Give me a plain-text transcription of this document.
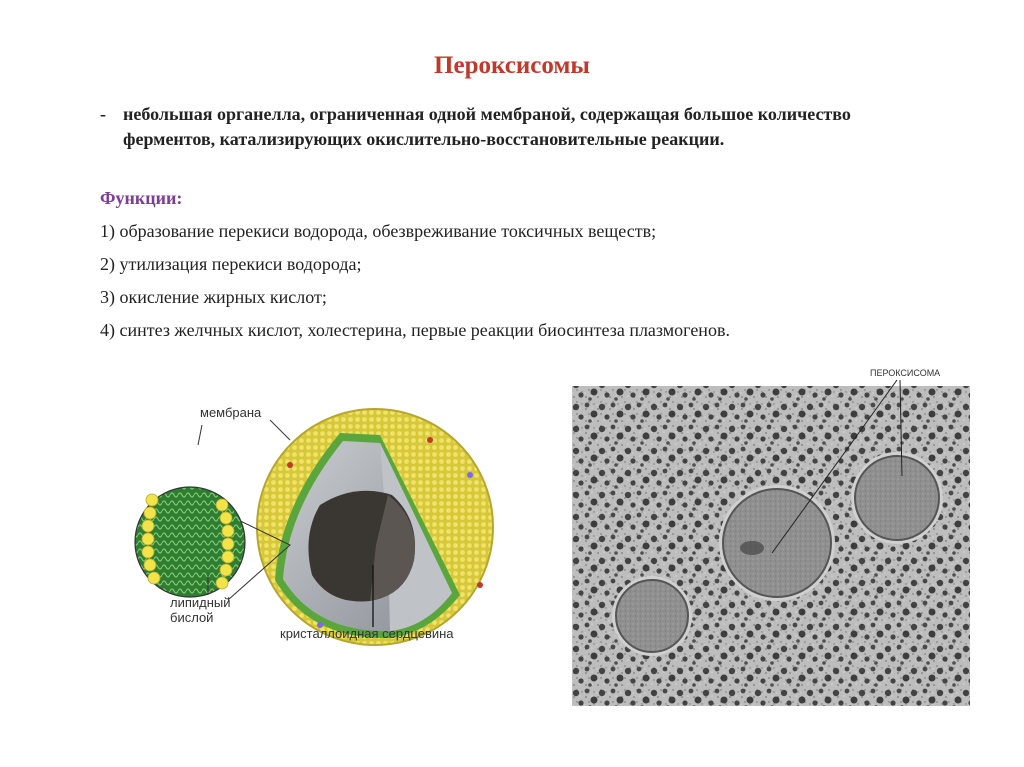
Пероксисомы
- небольшая органелла, ограниченная одной мембраной, содержащая большое количество ферментов, катализирующих окислительно-восстановительные реакции.
Функции:
1) образование перекиси водорода, обезвреживание токсичных веществ;
2) утилизация перекиси водорода;
3) окисление жирных кислот;
4) синтез желчных кислот, холестерина, первые реакции биосинтеза плазмогенов.
мембрана
липидный
бислой
кристаллоидная сердцевина
ПЕРОКСИСОМА
